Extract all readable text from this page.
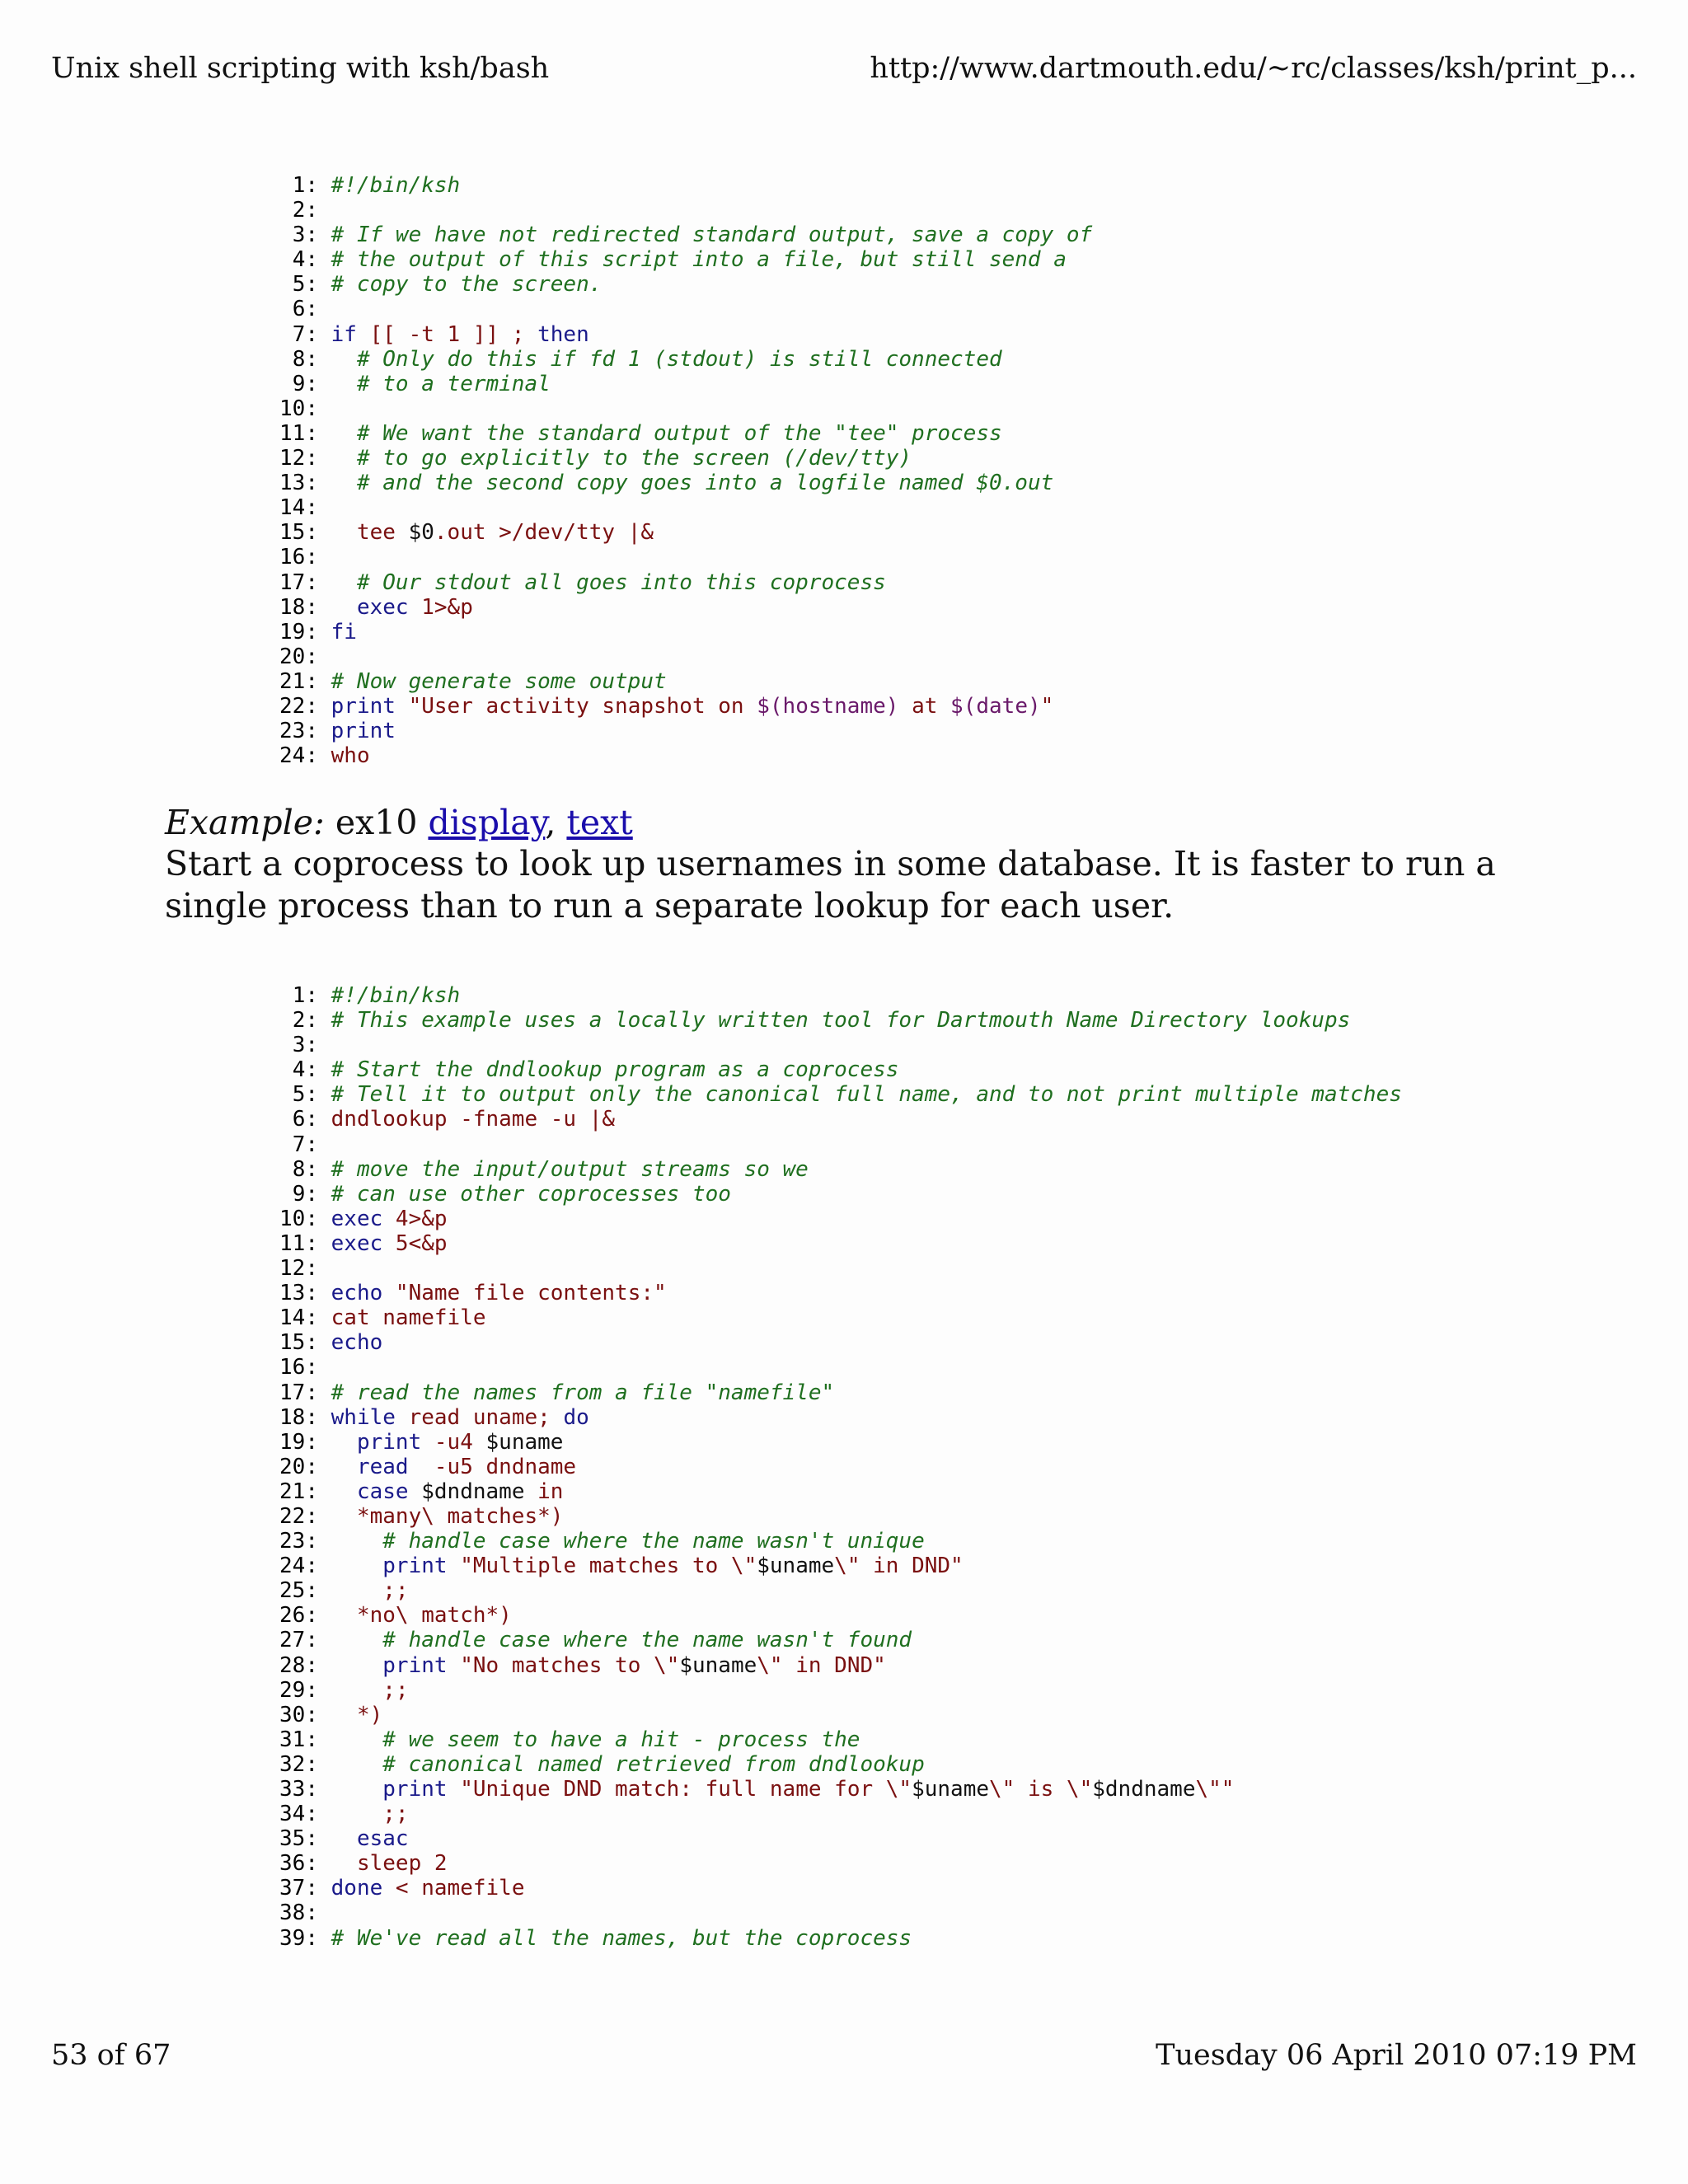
Unix shell scripting with ksh/bash	http://www.dartmouth.edu/~rc/classes/ksh/print_p...
1 : #!/bin/ksh
2 :
3 : # If we have not redirected standard output, save a copy of
4 : # the output of this script into a file, but still send a
5 : # copy to the screen.
6 :
7 : if [[ -t 1 ]] ; then
8 : # Only do this if fd 1 (stdout) is still connected
9 : # to a terminal
10 :
11 : # We want the standard output of the "tee" process
12 : # to go explicitly to the screen (/dev/tty)
13 : # and the second copy goes into a logfile named $0.out
14 :
15 :   tee $0.out >/dev/tty |&
16 :
17 : # Our stdout all goes into this coprocess
18 : exec 1>&p
19 : fi
20 :
21 : # Now generate some output
22 : print "User activity snapshot on $(hostname) at $(date)"
23 : print
24 : who
Example: ex10 display, text
Start a coprocess to look up usernames in some database. It is faster to run a single process than to run a separate lookup for each user.
1 : #!/bin/ksh
2 : # This example uses a locally written tool for Dartmouth Name Directory lookups
3 :
4 : # Start the dndlookup program as a coprocess
5 : # Tell it to output only the canonical full name, and to not print multiple matches
6 : dndlookup -fname -u |&
7 :
8 : # move the input/output streams so we
9 : # can use other coprocesses too
10 : exec 4>&p
11 : exec 5<&p
12 :
13 : echo "Name file contents:"
14 : cat namefile
15 : echo
16 :
17 : # read the names from a file "namefile"
18 : while read uname; do
19 : print -u4 $uname
20 : read  -u5 dndname
21 : case $dndname in
22 :   *many\ matches*)
23 :	# handle case where the name wasn't unique
24 :	print "Multiple matches to \"$uname\" in DND"
25 :     ;;
26 :   *no\ match*)
27 :	# handle case where the name wasn't found
28 :	print "No matches to \"$uname\" in DND"
29 :     ;;
30 :   *)
31 :	# we seem to have a hit - process the
32 :	# canonical named retrieved from dndlookup
33 :	print "Unique DND match: full name for \"$uname\" is \"$dndname\""
34 :     ;;
35 : esac
36 :   sleep 2
37 : done < namefile
38 :
39 : # We've read all the names, but the coprocess
53 of 67	Tuesday 06 April 2010 07:19 PM
